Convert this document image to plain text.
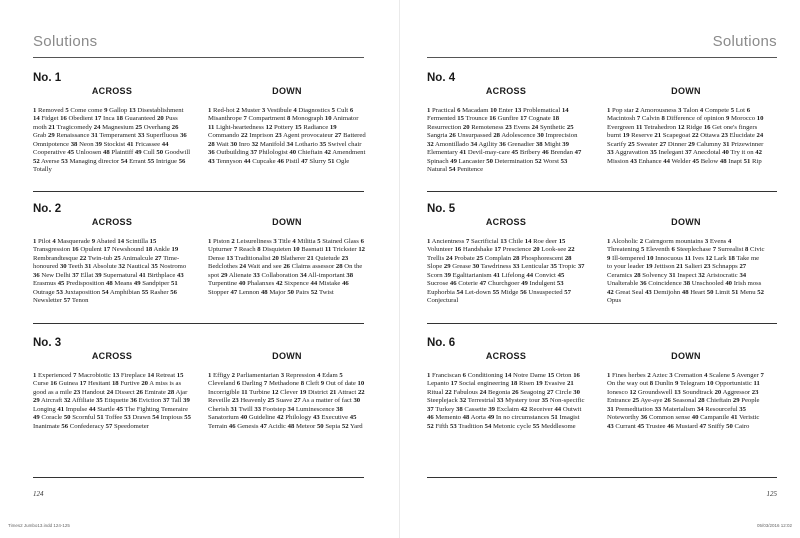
Solutions
No. 1
ACROSS
1 Removed 5 Come come 9 Gallop 13 Disestablishment 14 Fidget 16 Obedient 17 Inca 18 Guaranteed 20 Puss moth 21 Tragicomedy 24 Magnesium 25 Overhang 26 Grab 29 Renaissance 31 Temperament 33 Superfluous 36 Omnipotence 38 Neon 39 Stockist 41 Fricassee 44 Cooperative 45 Unloosen 48 Plaintiff 49 Cull 50 Goodwill 52 Averse 53 Managing director 54 Errant 55 Intrigue 56 Totally
DOWN
1 Red-hot 2 Muster 3 Vestibule 4 Diagnostics 5 Cult 6 Misanthrope 7 Compartment 8 Monograph 10 Animator 11 Light-heartedness 12 Pottery 15 Radiance 19 Commando 22 Imprison 23 Agent provocateur 27 Battered 28 Wait 30 Inro 32 Manifold 34 Lothario 35 Swivel chair 36 Outbuilding 37 Philologist 40 Chieftain 42 Amendment 43 Tennyson 44 Cupcake 46 Pistil 47 Slurry 51 Ogle
No. 2
ACROSS
1 Pilot 4 Masquerade 9 Abated 14 Scintilla 15 Transgression 16 Opulent 17 Newshound 18 Ankle 19 Rembrandtesque 22 Twin-tub 25 Animalcule 27 Time-honoured 30 Teeth 31 Absolute 32 Nautical 35 Nostromo 36 New Delhi 37 Ellat 39 Supernatural 41 Birthplace 43 Erasmus 45 Predisposition 48 Means 49 Sandpiper 51 Outrage 53 Juxtaposition 54 Amphibian 55 Rasher 56 Newsletter 57 Tenon
DOWN
1 Piston 2 Leisureliness 3 Title 4 Militia 5 Stained Glass 6 Upturner 7 Reach 8 Disquieten 10 Basmati 11 Trickster 12 Dense 13 Traditionalist 20 Blatherer 21 Quietude 23 Bedclothes 24 Wait and see 26 Claims assessor 28 On the spot 29 Alienate 33 Collaboration 34 All-important 38 Turpentine 40 Phalanxes 42 Sixpence 44 Mistake 46 Stopper 47 Lennon 48 Major 50 Pairs 52 Twist
No. 3
ACROSS
1 Experienced 7 Macrobiotic 13 Fireplace 14 Retreat 15 Curse 16 Guinea 17 Hesitant 18 Furtive 20 A miss is as good as a mile 23 Handout 24 Dissect 26 Emirate 28 Ajar 29 Aircraft 32 Affiliate 35 Etiquette 36 Eviction 37 Tall 39 Longing 41 Impulse 44 Startle 45 The Fighting Temeraire 49 Coracle 50 Scornful 51 Toffee 53 Drawn 54 Impious 55 Inanimate 56 Confederacy 57 Speedometer
DOWN
1 Effigy 2 Parliamentarian 3 Repression 4 Edam 5 Cleveland 6 Darling 7 Methadone 8 Cleft 9 Out of date 10 Incorrigible 11 Turbine 12 Clever 19 District 21 Attract 22 Reveille 23 Heavenly 25 Suave 27 As a matter of fact 30 Cherish 31 Twill 33 Footstep 34 Luminescence 38 Sanatorium 40 Guideline 42 Philology 43 Executive 45 Terrain 46 Genesis 47 Acidic 48 Meteor 50 Sepia 52 Yard
124
Times2 Jumbo13.indd 124-125
Solutions
No. 4
ACROSS
1 Practical 6 Macadam 10 Enter 13 Problematical 14 Fermented 15 Trounce 16 Gunfire 17 Cognate 18 Resurrection 20 Remoteness 23 Evens 24 Synthetic 25 Sangria 26 Unsurpassed 28 Adolescence 30 Imprecision 32 Amontillado 34 Agility 36 Grenadier 38 Might 39 Elementary 41 Devil-may-care 45 Bribery 46 Brendan 47 Spinach 49 Lancaster 50 Determination 52 Worst 53 Natural 54 Penitence
DOWN
1 Pop star 2 Amorousness 3 Talon 4 Compete 5 Lot 6 Macintosh 7 Calvin 8 Difference of opinion 9 Morocco 10 Evergreen 11 Tetrahedron 12 Ridge 16 Get one's fingers burnt 19 Reserve 21 Scapegoat 22 Ottawa 23 Elucidate 24 Scarify 25 Sweater 27 Dinner 29 Calumny 31 Prizewinner 33 Aggravation 35 Inelegant 37 Anecdotal 40 Try it on 42 Mission 43 Enhance 44 Welder 45 Below 48 Inapt 51 Rip
No. 5
ACROSS
1 Ancientness 7 Sacrificial 13 Chile 14 Roe deer 15 Volunteer 16 Handshake 17 Prescience 20 Look-see 22 Trellis 24 Probate 25 Complain 28 Phosphorescent 28 Slope 29 Grease 30 Tawdriness 33 Lenticular 35 Tropic 37 Scorn 39 Egalitarianism 41 Lifelong 44 Convict 45 Sucrose 46 Coterie 47 Churchgoer 49 Indulgent 53 Euphorbia 54 Let-down 55 Midge 56 Unsuspected 57 Conjectural
DOWN
1 Alcoholic 2 Cairngorm mountains 3 Evens 4 Threatening 5 Eleventh 6 Steeplechase 7 Surrealist 8 Civic 9 Ill-tempered 10 Innocuous 11 Ives 12 Lark 18 Take me to your leader 19 Jettison 21 Salieri 23 Schnapps 27 Ceramics 28 Solvency 31 Inspect 32 Aristocratic 34 Unalterable 36 Coincidence 38 Unschooled 40 Irish moss 42 Great Seal 43 Demijohn 48 Heart 50 Limit 51 Menu 52 Opus
No. 6
ACROSS
1 Franciscan 6 Conditioning 14 Notre Dame 15 Orton 16 Lepanto 17 Social engineering 18 Risen 19 Evasive 21 Ritual 22 Fabulous 24 Begonia 26 Seagoing 27 Circle 30 Steeplejack 32 Terrestrial 33 Mystery tour 35 Non-specific 37 Turkey 38 Cassette 39 Exclaim 42 Receiver 44 Outwit 46 Memento 48 Aorta 49 In no circumstances 51 Imagist 52 Fifth 53 Tradition 54 Metonic cycle 55 Meddlesome
DOWN
1 Fines herbes 2 Aztec 3 Cremation 4 Scalene 5 Avenger 7 On the way out 8 Dunlin 9 Telegram 10 Opportunistic 11 Ionesco 12 Groundswell 13 Soundtrack 20 Aggressor 23 Entrance 25 Aye-aye 26 Seasonal 28 Chieftain 29 People 31 Premeditation 33 Materialism 34 Resourceful 35 Noteworthy 36 Common sense 40 Campanile 41 Veristic 43 Currant 45 Trustee 46 Mustard 47 Sniffy 50 Cairo
125
05/03/2016 12:02
